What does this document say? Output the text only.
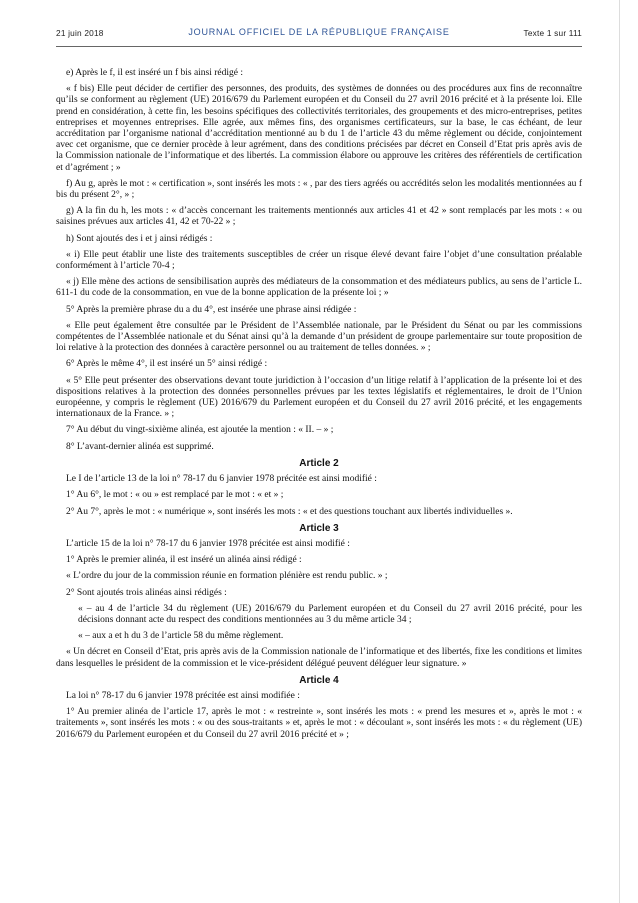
21 juin 2018	JOURNAL OFFICIEL DE LA RÉPUBLIQUE FRANÇAISE	Texte 1 sur 111

e) Après le f, il est inséré un f bis ainsi rédigé :

« f bis) Elle peut décider de certifier des personnes, des produits, des systèmes de données ou des procédures aux fins de reconnaître qu’ils se conforment au règlement (UE) 2016/679 du Parlement européen et du Conseil du 27 avril 2016 précité et à la présente loi. Elle prend en considération, à cette fin, les besoins spécifiques des collectivités territoriales, des groupements et des micro-entreprises, petites entreprises et moyennes entreprises. Elle agrée, aux mêmes fins, des organismes certificateurs, sur la base, le cas échéant, de leur accréditation par l’organisme national d’accréditation mentionné au b du 1 de l’article 43 du même règlement ou décide, conjointement avec cet organisme, que ce dernier procède à leur agrément, dans des conditions précisées par décret en Conseil d’Etat pris après avis de la Commission nationale de l’informatique et des libertés. La commission élabore ou approuve les critères des référentiels de certification et d’agrément ; »

f) Au g, après le mot : « certification », sont insérés les mots : « , par des tiers agréés ou accrédités selon les modalités mentionnées au f bis du présent 2°, » ;

g) A la fin du h, les mots : « d’accès concernant les traitements mentionnés aux articles 41 et 42 » sont remplacés par les mots : « ou saisines prévues aux articles 41, 42 et 70-22 » ;

h) Sont ajoutés des i et j ainsi rédigés :

« i) Elle peut établir une liste des traitements susceptibles de créer un risque élevé devant faire l’objet d’une consultation préalable conformément à l’article 70-4 ;

« j) Elle mène des actions de sensibilisation auprès des médiateurs de la consommation et des médiateurs publics, au sens de l’article L. 611-1 du code de la consommation, en vue de la bonne application de la présente loi ; »

5° Après la première phrase du a du 4°, est insérée une phrase ainsi rédigée :

« Elle peut également être consultée par le Président de l’Assemblée nationale, par le Président du Sénat ou par les commissions compétentes de l’Assemblée nationale et du Sénat ainsi qu’à la demande d’un président de groupe parlementaire sur toute proposition de loi relative à la protection des données à caractère personnel ou au traitement de telles données. » ;

6° Après le même 4°, il est inséré un 5° ainsi rédigé :

« 5° Elle peut présenter des observations devant toute juridiction à l’occasion d’un litige relatif à l’application de la présente loi et des dispositions relatives à la protection des données personnelles prévues par les textes législatifs et réglementaires, le droit de l’Union européenne, y compris le règlement (UE) 2016/679 du Parlement européen et du Conseil du 27 avril 2016 précité, et les engagements internationaux de la France. » ;

7° Au début du vingt-sixième alinéa, est ajoutée la mention : « II. – » ;

8° L’avant-dernier alinéa est supprimé.

Article 2

Le I de l’article 13 de la loi n° 78-17 du 6 janvier 1978 précitée est ainsi modifié :

1° Au 6°, le mot : « ou » est remplacé par le mot : « et » ;

2° Au 7°, après le mot : « numérique », sont insérés les mots : « et des questions touchant aux libertés individuelles ».

Article 3

L’article 15 de la loi n° 78-17 du 6 janvier 1978 précitée est ainsi modifié :

1° Après le premier alinéa, il est inséré un alinéa ainsi rédigé :

« L’ordre du jour de la commission réunie en formation plénière est rendu public. » ;

2° Sont ajoutés trois alinéas ainsi rédigés :

« – au 4 de l’article 34 du règlement (UE) 2016/679 du Parlement européen et du Conseil du 27 avril 2016 précité, pour les décisions donnant acte du respect des conditions mentionnées au 3 du même article 34 ;

« – aux a et h du 3 de l’article 58 du même règlement.

« Un décret en Conseil d’Etat, pris après avis de la Commission nationale de l’informatique et des libertés, fixe les conditions et limites dans lesquelles le président de la commission et le vice-président délégué peuvent déléguer leur signature. »

Article 4

La loi n° 78-17 du 6 janvier 1978 précitée est ainsi modifiée :

1° Au premier alinéa de l’article 17, après le mot : « restreinte », sont insérés les mots : « prend les mesures et », après le mot : « traitements », sont insérés les mots : « ou des sous-traitants » et, après le mot : « découlant », sont insérés les mots : « du règlement (UE) 2016/679 du Parlement européen et du Conseil du 27 avril 2016 précité et » ;
